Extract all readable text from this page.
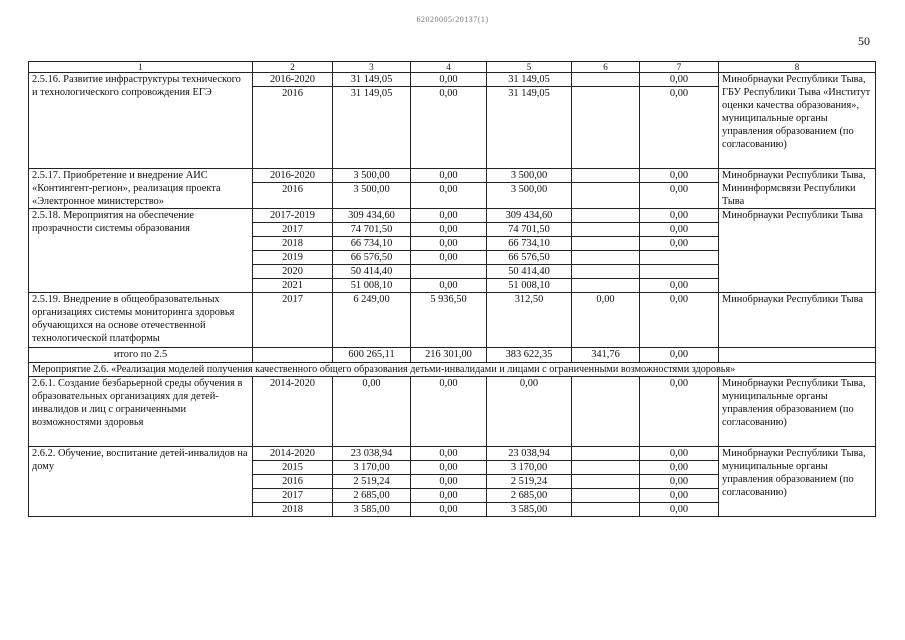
62020005/20137(1)
50
1	2	3	4	5	6	7	8
2.5.16. Развитие инфраструктуры технического и технологического сопровождения ЕГЭ	2016-2020	31 149,05	0,00	31 149,05		0,00	Минобрнауки Республики Тыва, ГБУ Республики Тыва «Институт оценки качества образования», муниципальные органы управления образованием (по согласованию)
	2016	31 149,05	0,00	31 149,05		0,00	
2.5.17. Приобретение и внедрение АИС «Контингент-регион», реализация проекта «Электронное министерство»	2016-2020	3 500,00	0,00	3 500,00		0,00	Минобрнауки Республики Тыва, Мининформсвязи Республики Тыва
	2016	3 500,00	0,00	3 500,00		0,00	
2.5.18. Мероприятия на обеспечение прозрачности системы образования	2017-2019	309 434,60	0,00	309 434,60		0,00	Минобрнауки Республики Тыва
	2017	74 701,50	0,00	74 701,50		0,00	
	2018	66 734,10	0,00	66 734,10		0,00	
	2019	66 576,50	0,00	66 576,50			
	2020	50 414,40		50 414,40			
	2021	51 008,10	0,00	51 008,10		0,00	
2.5.19. Внедрение в общеобразовательных организациях системы мониторинга здоровья обучающихся на основе отечественной технологической платформы	2017	6 249,00	5 936,50	312,50	0,00	0,00	Минобрнауки Республики Тыва
итого по 2.5		600 265,11	216 301,00	383 622,35	341,76	0,00	
Мероприятие 2.6. «Реализация моделей получения качественного общего образования детьми-инвалидами и лицами с ограниченными возможностями здоровья»							
2.6.1. Создание безбарьерной среды обучения в образовательных организациях для детей-инвалидов и лиц с ограниченными возможностями здоровья	2014-2020	0,00	0,00	0,00		0,00	Минобрнауки Республики Тыва, муниципальные органы управления образованием (по согласованию)
2.6.2. Обучение, воспитание детей-инвалидов на дому	2014-2020	23 038,94	0,00	23 038,94		0,00	Минобрнауки Республики Тыва, муниципальные органы управления образованием (по согласованию)
	2015	3 170,00	0,00	3 170,00		0,00	
	2016	2 519,24	0,00	2 519,24		0,00	
	2017	2 685,00	0,00	2 685,00		0,00	
	2018	3 585,00	0,00	3 585,00		0,00	
